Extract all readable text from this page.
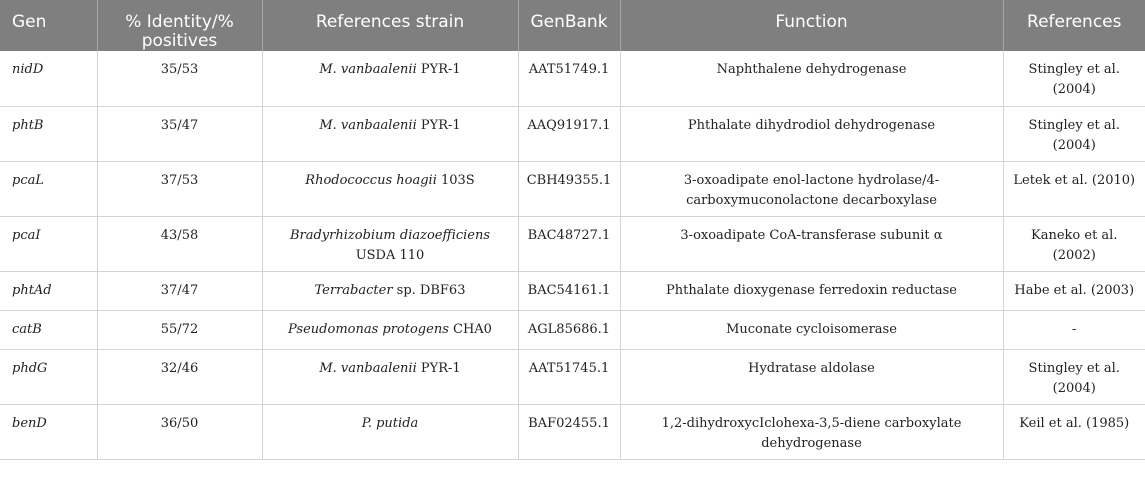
Gen	% Identity/% positives	References strain	GenBank	Function	References

nidD	35/53	M. vanbaalenii PYR-1	AAT51749.1	Naphthalene dehydrogenase	Stingley et al. (2004)
phtB	35/47	M. vanbaalenii PYR-1	AAQ91917.1	Phthalate dihydrodiol dehydrogenase	Stingley et al. (2004)
pcaL	37/53	Rhodococcus hoagii 103S	CBH49355.1	3-oxoadipate enol-lactone hydrolase/4-carboxymuconolactone decarboxylase	Letek et al. (2010)
pcaI	43/58	Bradyrhizobium diazoefficiens USDA 110	BAC48727.1	3-oxoadipate CoA-transferase subunit α	Kaneko et al. (2002)
phtAd	37/47	Terrabacter sp. DBF63	BAC54161.1	Phthalate dioxygenase ferredoxin reductase	Habe et al. (2003)
catB	55/72	Pseudomonas protogens CHA0	AGL85686.1	Muconate cycloisomerase	-
phdG	32/46	M. vanbaalenii PYR-1	AAT51745.1	Hydratase aldolase	Stingley et al. (2004)
benD	36/50	P. putida	BAF02455.1	1,2-dihydroxycIclohexa-3,5-diene carboxylate dehydrogenase	Keil et al. (1985)
